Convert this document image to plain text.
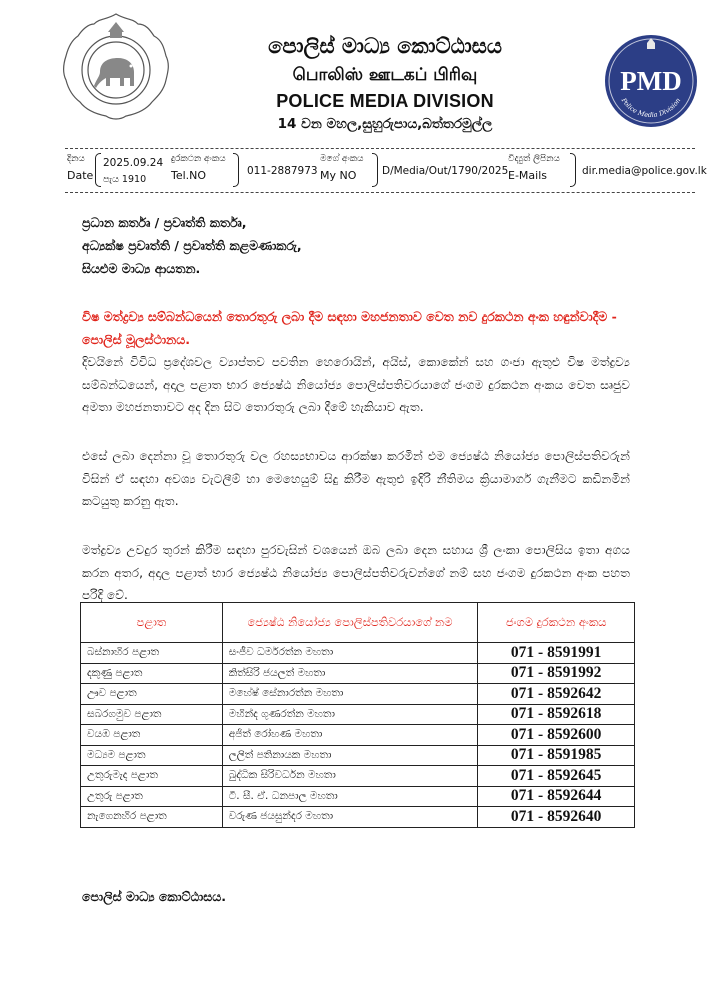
පොලිස් මාධ්‍ය කොට්ඨාසය
பொலிஸ் ஊடகப் பிரிவு
POLICE MEDIA DIVISION
14 වන මහල,සුහුරුපාය,බත්තරමුල්ල
PMD
Police Media Division
දිනය
Date
2025.09.24
පැය 1910
දුරකථන අංකය
Tel.NO	011-2887973
මගේ අංකය
My NO	D/Media/Out/1790/2025
විද්‍යුත් ලිපිනය
E-Mails	dir.media@police.gov.lk
ප්‍රධාන කර්තෘ / ප්‍රවෘත්ති කර්තෘ,
අධ්‍යක්ෂ ප්‍රවෘත්ති / ප්‍රවෘත්ති කළමණාකරු,
සියළුම මාධ්‍ය ආයතන.
විෂ මත්ද්‍රව්‍ය සම්බන්ධයෙන් තොරතුරු ලබා දීම සඳහා මහජනතාව වෙත නව දුරකථන අංක හඳුන්වාදීම - පොලිස් මූලස්ථානය.
දිවයිනේ විවිධ ප්‍රදේශවල ව්‍යාප්තව පවතින හෙරොයින්, අයිස්, කොකේන් සහ ගංජා ඇතුළු විෂ මත්ද්‍රව්‍ය සම්බන්ධයෙන්, අදාල පළාත භාර ජ්‍යෙෂ්ඨ නියෝජ්‍ය පොලිස්පතිවරයාගේ ජංගම දුරකථන අංකය වෙත සෘජුව අමතා මහජනතාවට අද දින සිට තොරතුරු ලබා දීමේ හැකියාව ඇත.
එසේ ලබා දෙන්නා වූ තොරතුරු වල රහස්‍යභාවය ආරක්ෂා කරමින් එම ජ්‍යෙෂ්ඨ නියෝජ්‍ය පොලිස්පතිවරුන් විසින් ඒ සඳහා අවශ්‍ය වැටලීම් හා මෙහෙයුම් සිදු කිරීම ඇතුළු ඉදිරි නීතිමය ක්‍රියාමාර්ග ගැනීමට කඩිනමින් කටයුතු කරනු ඇත.
මත්ද්‍රව්‍ය උවදුර තුරන් කිරීම සඳහා පුරවැසින් වශයෙන් ඔබ ලබා දෙන සහාය ශ්‍රී ලංකා පොලිසිය ඉතා අගය කරන අතර, අදාල පළාත් භාර ජ්‍යෙෂ්ඨ නියෝජ්‍ය පොලිස්පතිවරුවන්ගේ නම් සහ ජංගම දුරකථන අංක පහත පරිදි වේ.
පළාත	ජ්‍යෙෂ්ඨ නියෝජ්‍ය පොලිස්පතිවරයාගේ නම	ජංගම දුරකථන අංකය
බස්නාහිර පළාත	සංජීව ධර්මරත්න මහතා	071 - 8591991
දකුණු පළාත	කිත්සිරි ජයලත් මහතා	071 - 8591992
ඌව පළාත	මහේෂ් සේනාරත්න මහතා	071 - 8592642
සබරගමුව පළාත	මහින්ද ගුණරත්න මහතා	071 - 8592618
වයඹ පළාත	අජිත් රෝහණ මහතා	071 - 8592600
මධ්‍යම පළාත	ලලිත් පතිනායක මහතා	071 - 8591985
උතුරුමැද පළාත	බුද්ධික සිරිවර්ධන මහතා	071 - 8592645
උතුරු පළාත	ටී. සී. ඒ. ධනපාල මහතා	071 - 8592644
නැගෙනහිර පළාත	වරුණ ජයසුන්දර මහතා	071 - 8592640
පොලිස් මාධ්‍ය කොට්ඨාසය.
